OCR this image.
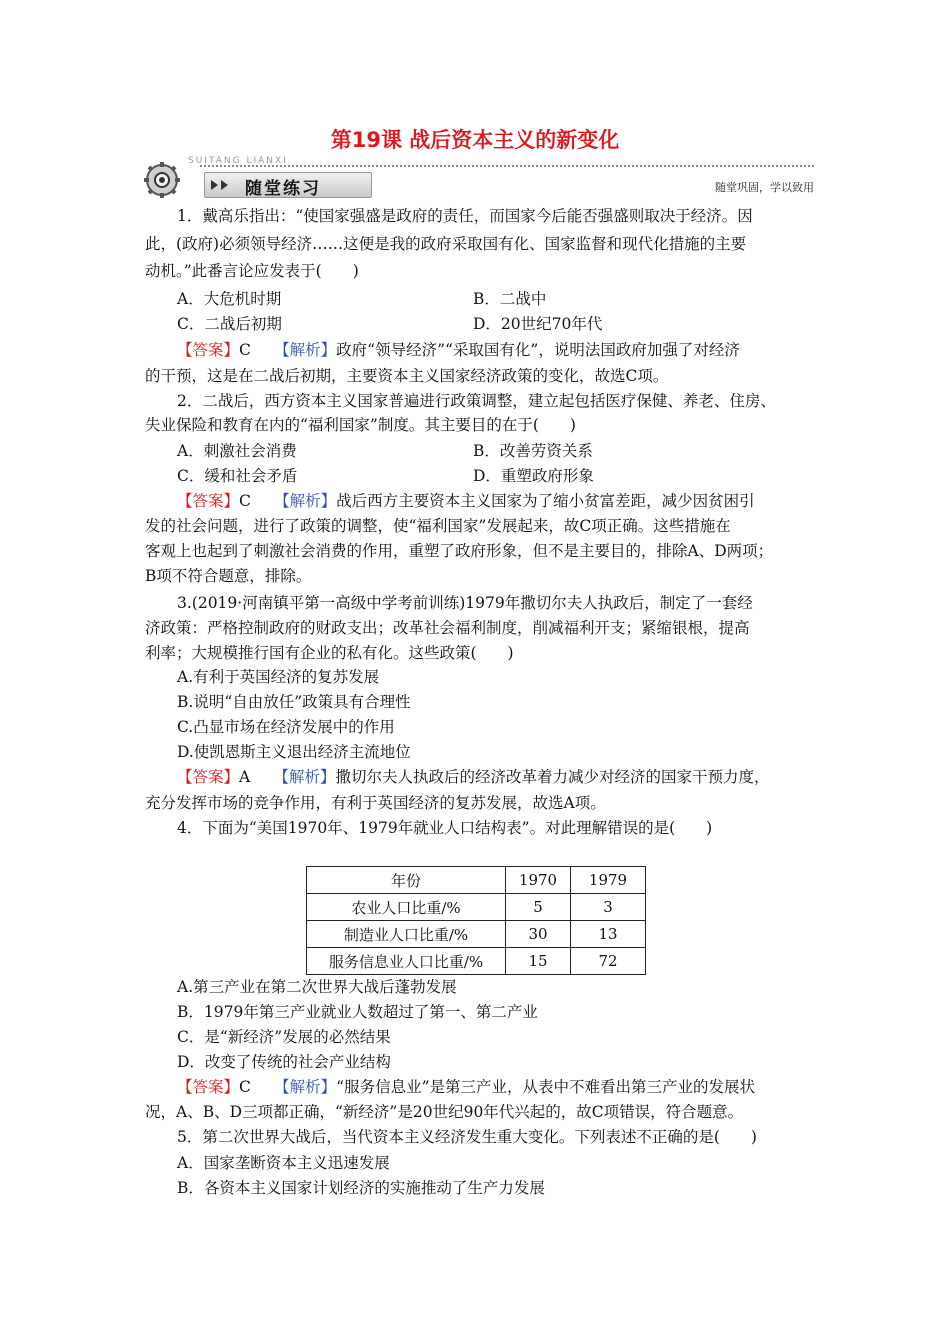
第19课 战后资本主义的新变化
SUITANG LIANXI
随堂练习	随堂巩固，学以致用
1．戴高乐指出：“使国家强盛是政府的责任，而国家今后能否强盛则取决于经济。因
此，(政府)必须领导经济……这便是我的政府采取国有化、国家监督和现代化措施的主要
动机。”此番言论应发表于(　　)
A．大危机时期	B．二战中
C．二战后初期	D．20世纪70年代
【答案】C　　【解析】政府“领导经济”“采取国有化”，说明法国政府加强了对经济
的干预，这是在二战后初期，主要资本主义国家经济政策的变化，故选C项。
2．二战后，西方资本主义国家普遍进行政策调整，建立起包括医疗保健、养老、住房、
失业保险和教育在内的“福利国家”制度。其主要目的在于(　　)
A．刺激社会消费	B．改善劳资关系
C．缓和社会矛盾	D．重塑政府形象
【答案】C　　【解析】战后西方主要资本主义国家为了缩小贫富差距，减少因贫困引
发的社会问题，进行了政策的调整，使“福利国家”发展起来，故C项正确。这些措施在
客观上也起到了刺激社会消费的作用，重塑了政府形象，但不是主要目的，排除A、D两项；
B项不符合题意，排除。
3.(2019·河南镇平第一高级中学考前训练)1979年撒切尔夫人执政后，制定了一套经
济政策：严格控制政府的财政支出；改革社会福利制度，削减福利开支；紧缩银根，提高
利率；大规模推行国有企业的私有化。这些政策(　　)
A.有利于英国经济的复苏发展
B.说明“自由放任”政策具有合理性
C.凸显市场在经济发展中的作用
D.使凯恩斯主义退出经济主流地位
【答案】A　　【解析】撒切尔夫人执政后的经济改革着力减少对经济的国家干预力度，
充分发挥市场的竞争作用，有利于英国经济的复苏发展，故选A项。
4．下面为“美国1970年、1979年就业人口结构表”。对此理解错误的是(　　)
A.第三产业在第二次世界大战后蓬勃发展
B．1979年第三产业就业人数超过了第一、第二产业
C．是“新经济”发展的必然结果
D．改变了传统的社会产业结构
【答案】C　　【解析】“服务信息业”是第三产业，从表中不难看出第三产业的发展状
况，A、B、D三项都正确，“新经济”是20世纪90年代兴起的，故C项错误，符合题意。
5．第二次世界大战后，当代资本主义经济发生重大变化。下列表述不正确的是(　　)
A．国家垄断资本主义迅速发展
B．各资本主义国家计划经济的实施推动了生产力发展
年份	1970	1979
农业人口比重/%	5	3
制造业人口比重/%	30	13
服务信息业人口比重/%	15	72
